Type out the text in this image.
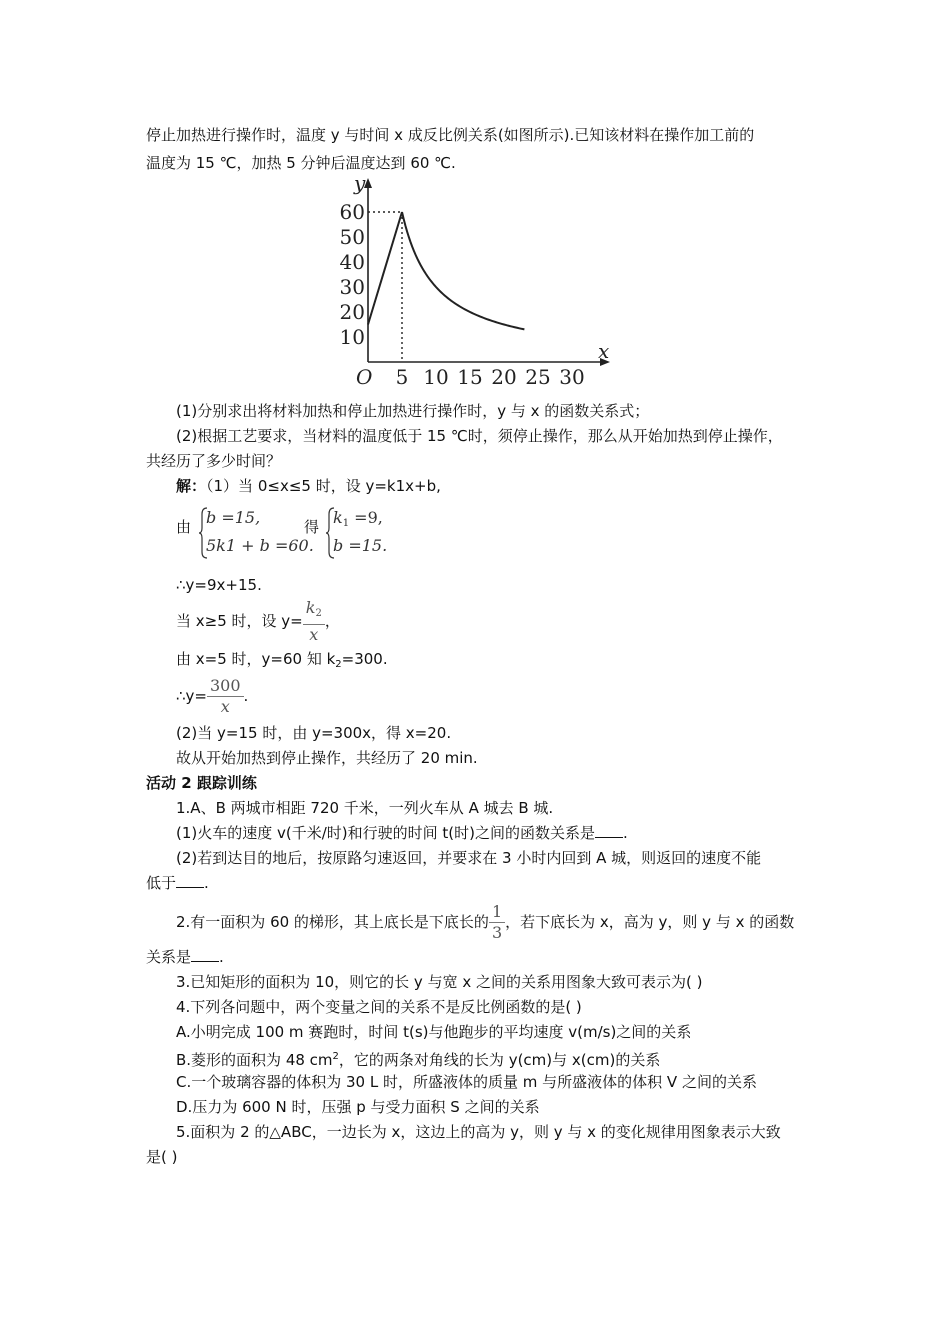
停止加热进行操作时，温度 y 与时间 x 成反比例关系(如图所示).已知该材料在操作加工前的
温度为 15 ℃，加热 5 分钟后温度达到 60 ℃.
x
y
O 5 10 15 20 25 30
10
20
30
40
50
60
(1)分别求出将材料加热和停止加热进行操作时，y 与 x 的函数关系式；
(2)根据工艺要求，当材料的温度低于 15 ℃时，须停止操作，那么从开始加热到停止操作，
共经历了多少时间？
解：（1）当 0≤x≤5 时，设 y=k1x+b,
由 b =15,
5k1 + b =60.
得 $k_1 =9$,
b =15.
∴y=9x+15.
当 x≥5 时，设 $y= \frac{k_2}{x}$ ，
由 x=5 时，y=60 知 $k_2=300$.
∴y= $\frac{300}{x}$ .
(2)当 y=15 时，由 y=300x，得 x=20.
故从开始加热到停止操作，共经历了 20 min.
活动 2 跟踪训练
1.A、B 两城市相距 720 千米，一列火车从 A 城去 B 城.
(1)火车的速度 v(千米/时)和行驶的时间 t(时)之间的函数关系是 .
(2)若到达目的地后，按原路匀速返回，并要求在 3 小时内回到 A 城，则返回的速度不能
低于 .
2.有一面积为 60 的梯形，其上底长是下底长的 $\frac{1}{3}$ ，若下底长为 x，高为 y，则 y 与 x 的函数
关系是 .
3.已知矩形的面积为 10，则它的长 y 与宽 x 之间的关系用图象大致可表示为( )
4.下列各问题中，两个变量之间的关系不是反比例函数的是( )
A.小明完成 100 m 赛跑时，时间 t(s)与他跑步的平均速度 v(m/s)之间的关系
B.菱形的面积为 48 $cm^2$，它的两条对角线的长为 y(cm)与 x(cm)的关系
C.一个玻璃容器的体积为 30 L 时，所盛液体的质量 m 与所盛液体的体积 V 之间的关系
D.压力为 600 N 时，压强 p 与受力面积 S 之间的关系
5.面积为 2 的△ABC，一边长为 x，这边上的高为 y，则 y 与 x 的变化规律用图象表示大致
是( )
